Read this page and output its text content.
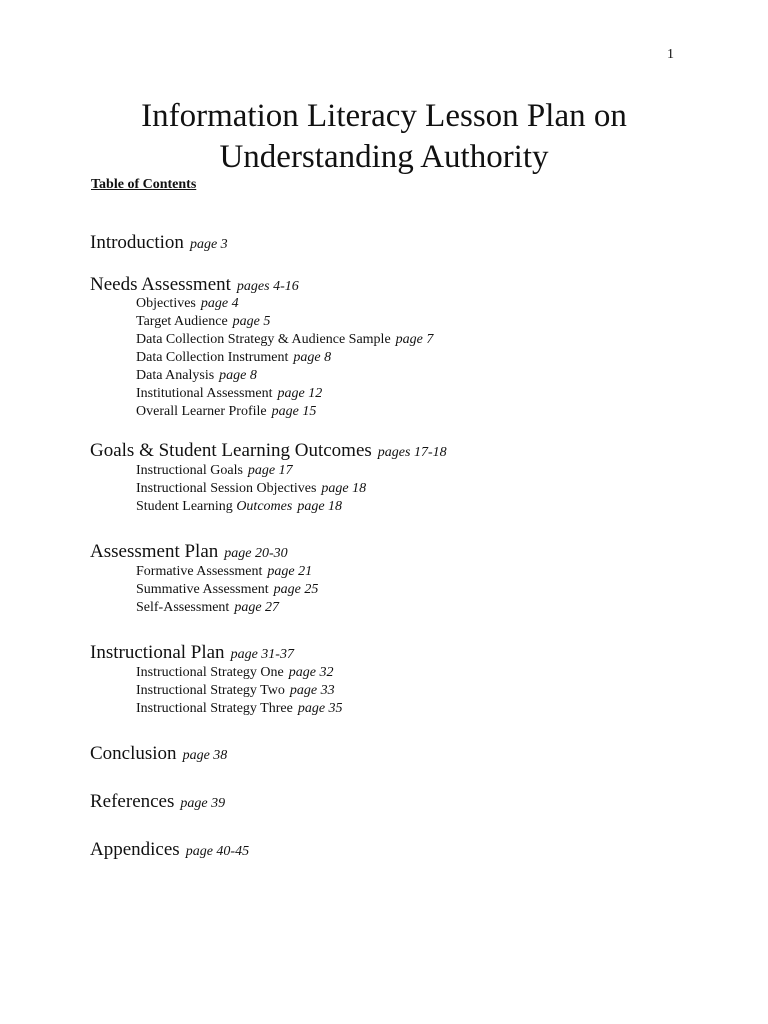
1
Information Literacy Lesson Plan on
Understanding Authority
Table of Contents
Introduction page 3
Needs Assessment pages 4-16
Objectives page 4
Target Audience page 5
Data Collection Strategy & Audience Sample page 7
Data Collection Instrument page 8
Data Analysis page 8
Institutional Assessment page 12
Overall Learner Profile page 15
Goals & Student Learning Outcomes pages 17-18
Instructional Goals page 17
Instructional Session Objectives page 18
Student Learning Outcomes page 18
Assessment Plan page 20-30
Formative Assessment page 21
Summative Assessment page 25
Self-Assessment page 27
Instructional Plan page 31-37
Instructional Strategy One page 32
Instructional Strategy Two page 33
Instructional Strategy Three page 35
Conclusion page 38
References page 39
Appendices page 40-45
